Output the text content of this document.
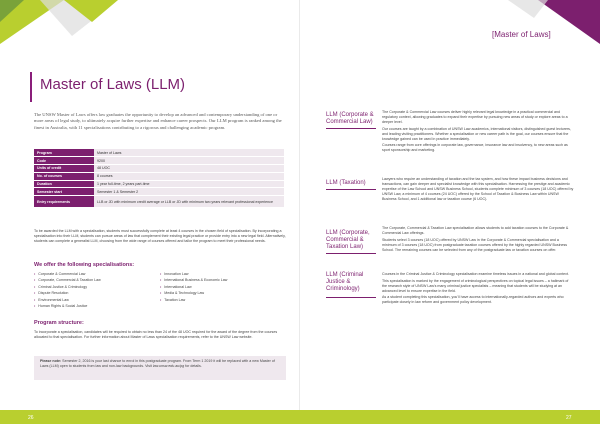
[Master of Laws]
Master of Laws (LLM)
The UNSW Master of Laws offers law graduates the opportunity to develop an advanced and contemporary understanding of one or more areas of legal study, to ultimately acquire further expertise and enhance career prospects. Our LLM program is ranked among the finest in Australia, with 11 specialisations contributing to a rigorous and challenging academic program.
Program	Master of Laws
Code	9200
Units of credit	48 UOC
No. of courses	8 courses
Duration	1 year full-time, 2 years part-time
Semester start	Semester 1 & Semester 2
Entry requirements	LLB or JD with minimum credit average or LLB or JD with minimum two years relevant professional experience
To be awarded the LLM with a specialisation, students must successfully complete at least 4 courses in the chosen field of specialisation. By incorporating a specialisation into their LLM, students can pursue areas of law that complement their existing legal practice or provide entry into a new legal field. Alternatively, students can complete a generalist LLM, choosing from the wide range of courses offered and tailor the program to meet their professional needs.
We offer the following specialisations:
• Corporate & Commercial Law
• Corporate, Commercial & Taxation Law
• Criminal Justice & Criminology
• Dispute Resolution
• Environmental Law
• Human Rights & Social Justice
• Innovation Law
• International Business & Economic Law
• International Law
• Media & Technology Law
• Taxation Law
Program structure:
To incorporate a specialisation, candidates will be required to obtain no less than 24 of the 48 UOC required for the award of the degree from the courses allocated to that specialisation. For further information about Master of Laws specialisation requirements, refer to the UNSW Law website.
Please note: Semester 2, 2016 is your last chance to enrol in this postgraduate program. From Term 1 2019 it will be replaced with a new Master of Laws (LLM) open to students from law and non-law backgrounds. Visit law.unsw.edu.au/pg for details.
LLM (Corporate & Commercial Law)

The Corporate & Commercial Law courses deliver highly relevant legal knowledge in a practical commercial and regulatory context, allowing graduates to expand their expertise by pursuing new areas of study or explore areas to a deeper level.

Our courses are taught by a combination of UNSW Law academics, international visitors, distinguished guest lecturers, and leading visiting practitioners. Whether a specialisation or new career path is the goal, our courses ensure that the knowledge gained can be used in practice immediately.

Courses range from core offerings in corporate law, governance, insurance law and insolvency, to new areas such as sport sponsorship and marketing.

LLM (Taxation)

Lawyers who require an understanding of taxation and the tax system, and how these impact business decisions and transactions, can gain deeper and specialist knowledge with this specialisation. Harnessing the prestige and academic expertise of the Law School and UNSW Business School, students complete minimum of 3 courses (18 UOC) offered by UNSW Law, a minimum of 4 courses (24 UOC) offered by the School of Taxation & Business Law within UNSW Business School, and 1 additional law or taxation course (6 UOC).

LLM (Corporate, Commercial & Taxation Law)

The Corporate, Commercial & Taxation Law specialisation allows students to add taxation courses to the Corporate & Commercial Law offerings.

Students select 3 courses (18 UOC) offered by UNSW Law in the Corporate & Commercial specialisation and a minimum of 3 courses (18 UOC) from postgraduate taxation courses offered by the highly regarded UNSW Business School. The remaining courses can be selected from any of the postgraduate law or taxation courses on offer.

LLM (Criminal Justice & Criminology)

Courses in the Criminal Justice & Criminology specialisation examine timeless issues in a national and global context.

This specialisation is marked by the engagement of criminological perspectives on topical legal issues – a hallmark of the research style of UNSW Law's many criminal justice specialists – meaning that students will be studying at an advanced level to ensure expertise in the field.

As a student completing this specialisation, you'll have access to internationally-regarded authors and experts who participate closely in law reform and government policy development.

26	27
